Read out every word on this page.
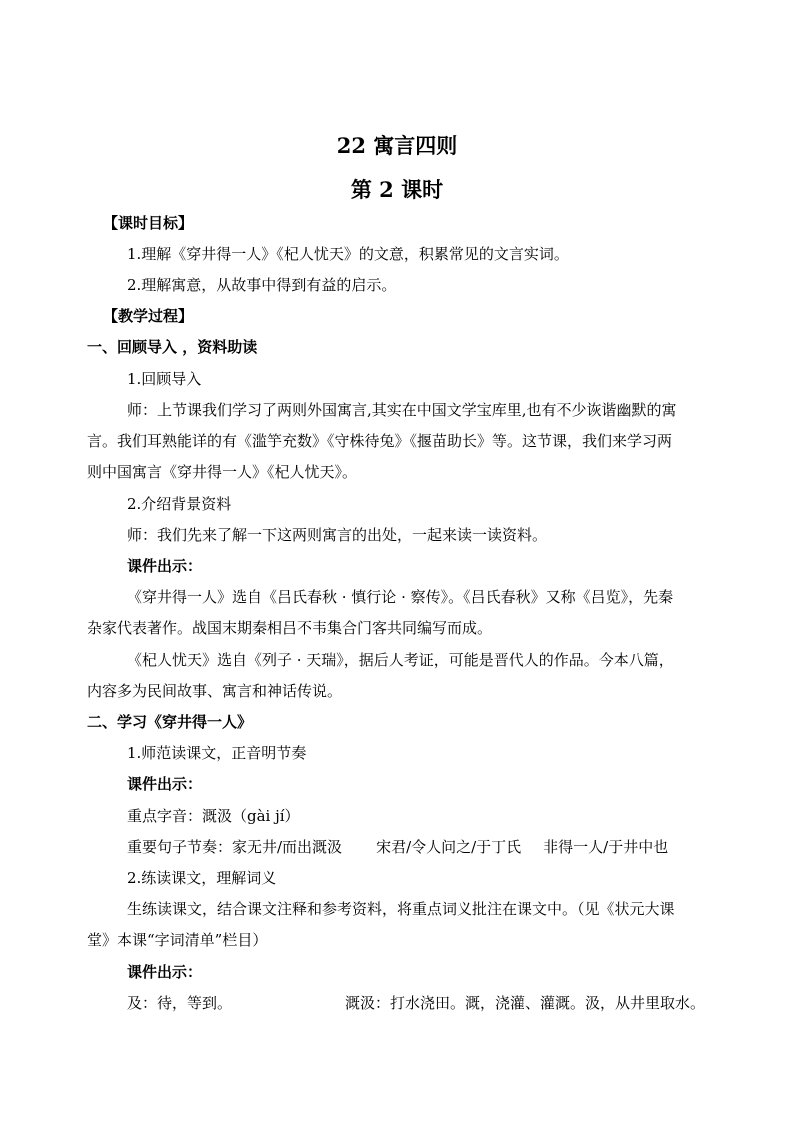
22 寓言四则
第 2 课时
【课时目标】
1.理解《穿井得一人》《杞人忧天》的文意，积累常见的文言实词。
2.理解寓意，从故事中得到有益的启示。
【教学过程】
一、回顾导入 ，资料助读
1.回顾导入
师：上节课我们学习了两则外国寓言,其实在中国文学宝库里,也有不少诙谐幽默的寓
言。我们耳熟能详的有《滥竽充数》《守株待兔》《揠苗助长》等。这节课，我们来学习两
则中国寓言《穿井得一人》《杞人忧天》。
2.介绍背景资料
师：我们先来了解一下这两则寓言的出处，一起来读一读资料。
课件出示：
《穿井得一人》选自《吕氏春秋 · 慎行论 · 察传》。《吕氏春秋》又称《吕览》，先秦
杂家代表著作。战国末期秦相吕不韦集合门客共同编写而成。
《杞人忧天》选自《列子 · 天瑞》，据后人考证，可能是晋代人的作品。今本八篇，
内容多为民间故事、寓言和神话传说。
二、学习《穿井得一人》
1.师范读课文，正音明节奏
课件出示：
重点字音：溉汲（gài jí）
重要句子节奏：家无井/而出溉汲 宋君/令人问之/于丁氏 非得一人/于井中也
2.练读课文，理解词义
生练读课文，结合课文注释和参考资料，将重点词义批注在课文中。（见《状元大课
堂》本课“字词清单”栏目）
课件出示：
及：待，等到。	溉汲：打水浇田。溉，浇灌、灌溉。汲，从井里取水。
